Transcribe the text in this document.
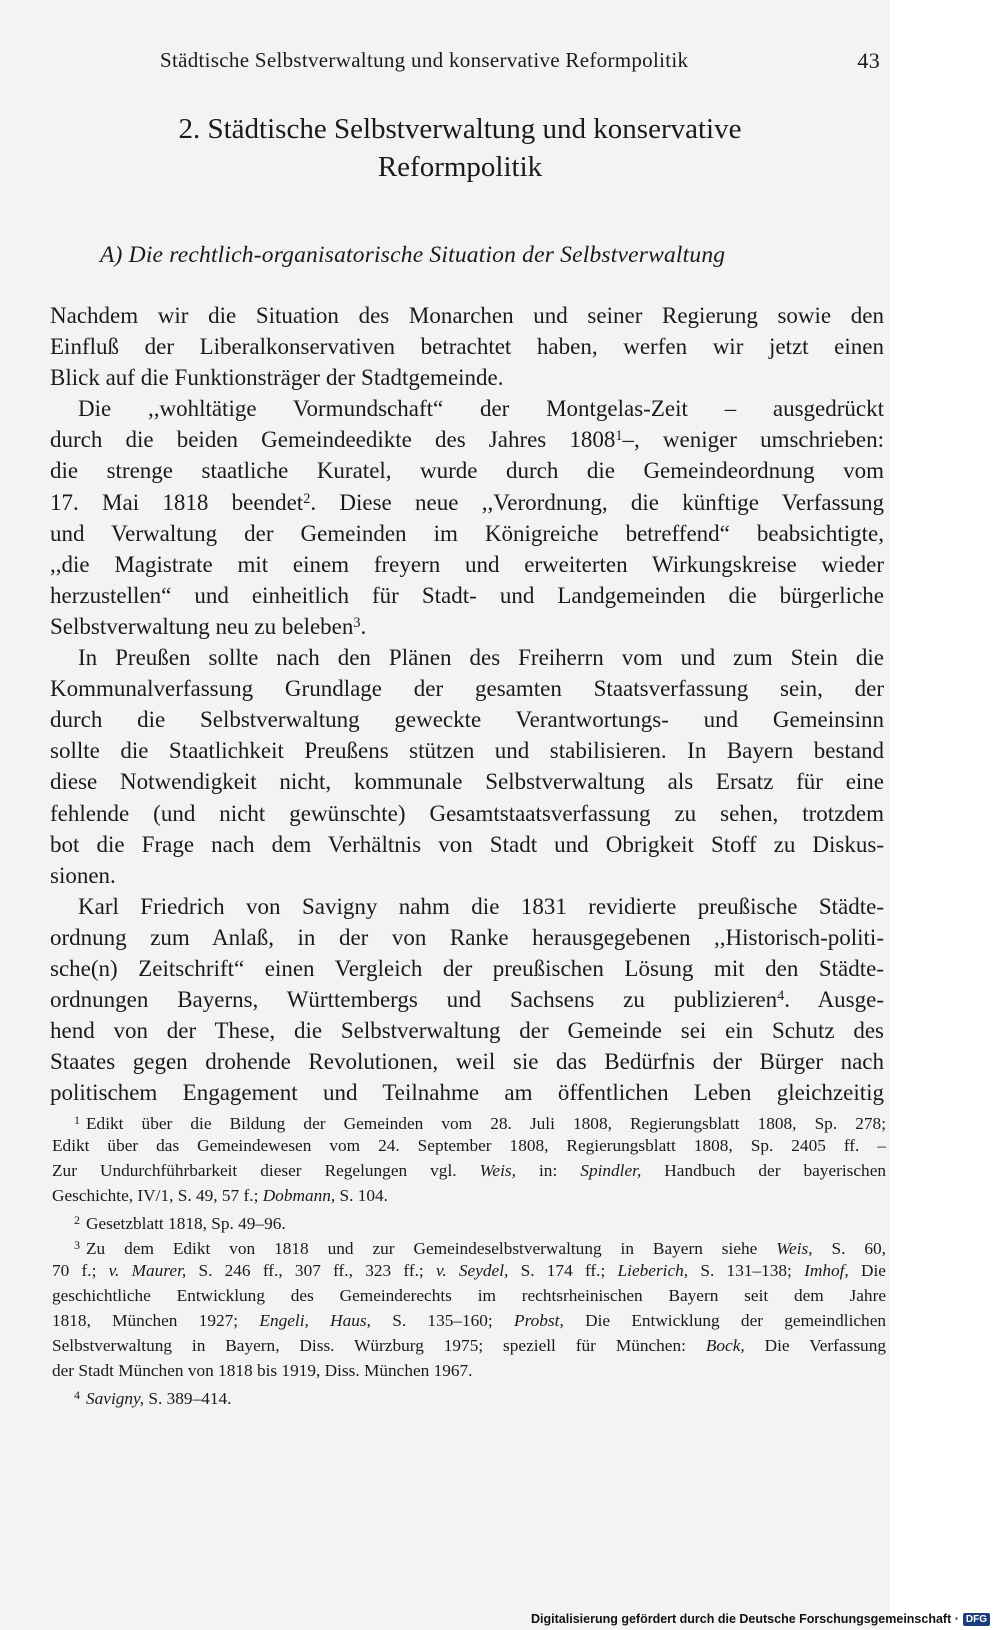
Städtische Selbstverwaltung und konservative Reformpolitik	43
2. Städtische Selbstverwaltung und konservative
Reformpolitik
A) Die rechtlich-organisatorische Situation der Selbstverwaltung
Nachdem wir die Situation des Monarchen und seiner Regierung sowie den
Einfluß der Liberalkonservativen betrachtet haben, werfen wir jetzt einen
Blick auf die Funktionsträger der Stadtgemeinde.
Die ,,wohltätige Vormundschaft“ der Montgelas-Zeit – ausgedrückt
durch die beiden Gemeindeedikte des Jahres 1808$^1$–, weniger umschrieben:
die strenge staatliche Kuratel, wurde durch die Gemeindeordnung vom
17. Mai 1818 beendet$^2$. Diese neue ,,Verordnung, die künftige Verfassung
und Verwaltung der Gemeinden im Königreiche betreffend“ beabsichtigte,
,,die Magistrate mit einem freyern und erweiterten Wirkungskreise wieder
herzustellen“ und einheitlich für Stadt- und Landgemeinden die bürgerliche
Selbstverwaltung neu zu beleben$^3$.
In Preußen sollte nach den Plänen des Freiherrn vom und zum Stein die
Kommunalverfassung Grundlage der gesamten Staatsverfassung sein, der
durch die Selbstverwaltung geweckte Verantwortungs- und Gemeinsinn
sollte die Staatlichkeit Preußens stützen und stabilisieren. In Bayern bestand
diese Notwendigkeit nicht, kommunale Selbstverwaltung als Ersatz für eine
fehlende (und nicht gewünschte) Gesamtstaatsverfassung zu sehen, trotzdem
bot die Frage nach dem Verhältnis von Stadt und Obrigkeit Stoff zu Diskus-
sionen.
Karl Friedrich von Savigny nahm die 1831 revidierte preußische Städte-
ordnung zum Anlaß, in der von Ranke herausgegebenen ,,Historisch-politi-
sche(n) Zeitschrift“ einen Vergleich der preußischen Lösung mit den Städte-
ordnungen Bayerns, Württembergs und Sachsens zu publizieren$^4$. Ausge-
hend von der These, die Selbstverwaltung der Gemeinde sei ein Schutz des
Staates gegen drohende Revolutionen, weil sie das Bedürfnis der Bürger nach
politischem Engagement und Teilnahme am öffentlichen Leben gleichzeitig
$^1$ Edikt über die Bildung der Gemeinden vom 28. Juli 1808, Regierungsblatt 1808, Sp. 278;
Edikt über das Gemeindewesen vom 24. September 1808, Regierungsblatt 1808, Sp. 2405 ff. –
Zur Undurchführbarkeit dieser Regelungen vgl. Weis, in: Spindler, Handbuch der bayerischen
Geschichte, IV/1, S. 49, 57 f.; Dobmann, S. 104.
$^2$ Gesetzblatt 1818, Sp. 49–96.
$^3$ Zu dem Edikt von 1818 und zur Gemeindeselbstverwaltung in Bayern siehe Weis, S. 60,
70 f.; v. Maurer, S. 246 ff., 307 ff., 323 ff.; v. Seydel, S. 174 ff.; Lieberich, S. 131–138; Imhof, Die
geschichtliche Entwicklung des Gemeinderechts im rechtsrheinischen Bayern seit dem Jahre
1818, München 1927; Engeli, Haus, S. 135–160; Probst, Die Entwicklung der gemeindlichen
Selbstverwaltung in Bayern, Diss. Würzburg 1975; speziell für München: Bock, Die Verfassung
der Stadt München von 1818 bis 1919, Diss. München 1967.
$^4$ Savigny, S. 389–414.
Digitalisierung gefördert durch die Deutsche Forschungsgemeinschaft · DFG
